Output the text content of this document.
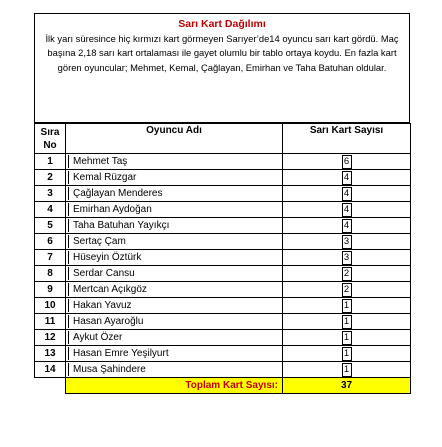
Sarı Kart Dağılımı
İlk yarı süresince hiç kırmızı kart görmeyen Sarıyer’de14 oyuncu sarı kart gördü. Maç başına 2,18 sarı kart ortalaması ile gayet olumlu bir tablo ortaya koydu. En fazla kart gören oyuncular; Mehmet, Kemal, Çağlayan, Emirhan ve Taha Batuhan oldular.
Sıra No	Oyuncu Adı	Sarı Kart Sayısı
1	Mehmet Taş	6
2	Kemal Rüzgar	4
3	Çağlayan Menderes	4
4	Emirhan Aydoğan	4
5	Taha Batuhan Yayıkçı	4
6	Sertaç Çam	3
7	Hüseyin Öztürk	3
8	Serdar Cansu	2
9	Mertcan Açıkgöz	2
10	Hakan Yavuz	1
11	Hasan Ayaroğlu	1
12	Aykut Özer	1
13	Hasan Emre Yeşilyurt	1
14	Musa Şahindere	1
	Toplam Kart Sayısı:	37
